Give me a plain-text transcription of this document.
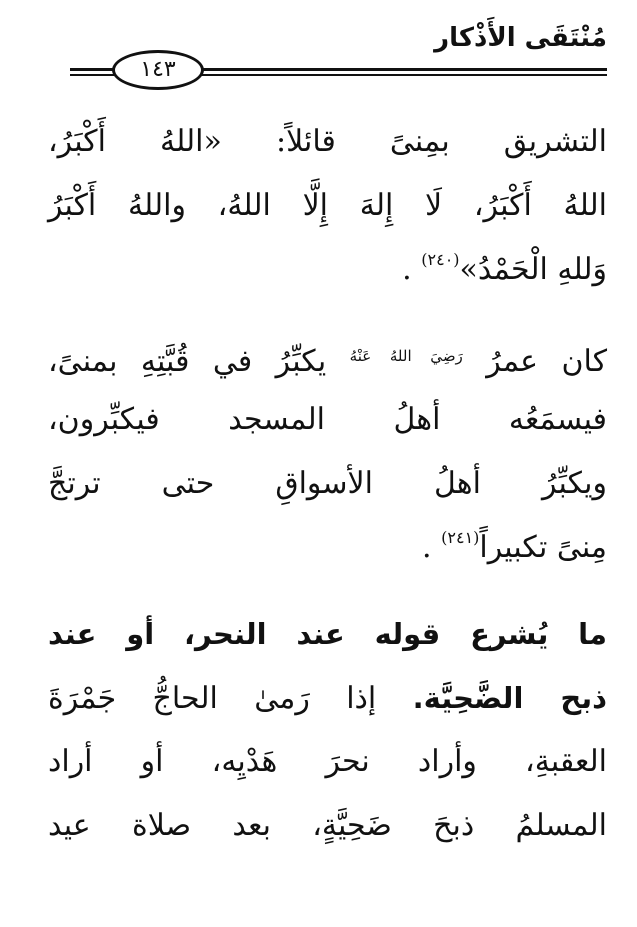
مُنْتَقَى الأَذْكار
١٤٣
التشريق بمِنىً قائلاً: «اللهُ أَكْبَرُ،
اللهُ أَكْبَرُ، لَا إِلهَ إِلَّا اللهُ، واللهُ أَكْبَرُ
وَللهِ الْحَمْدُ»$^{(٢٤٠)}$ .
كان عمرُ $^{رَضِيَ اللهُ عَنْهُ}$ يكبِّرُ في قُبَّتِهِ بمنىً،
فيسمَعُه أهلُ المسجد فيكبِّرون،
ويكبِّرُ أهلُ الأسواقِ حتى ترتجَّ
مِنىً تكبيراً$^{(٢٤١)}$ .
ما يُشرع قوله عند النحر، أو عند
ذبح الضَّحِيَّة. إذا رَمىٰ الحاجُّ جَمْرَةَ
العقبةِ، وأراد نحرَ هَدْيِه، أو أراد
المسلمُ ذبحَ ضَحِيَّةٍ، بعد صلاة عيد
